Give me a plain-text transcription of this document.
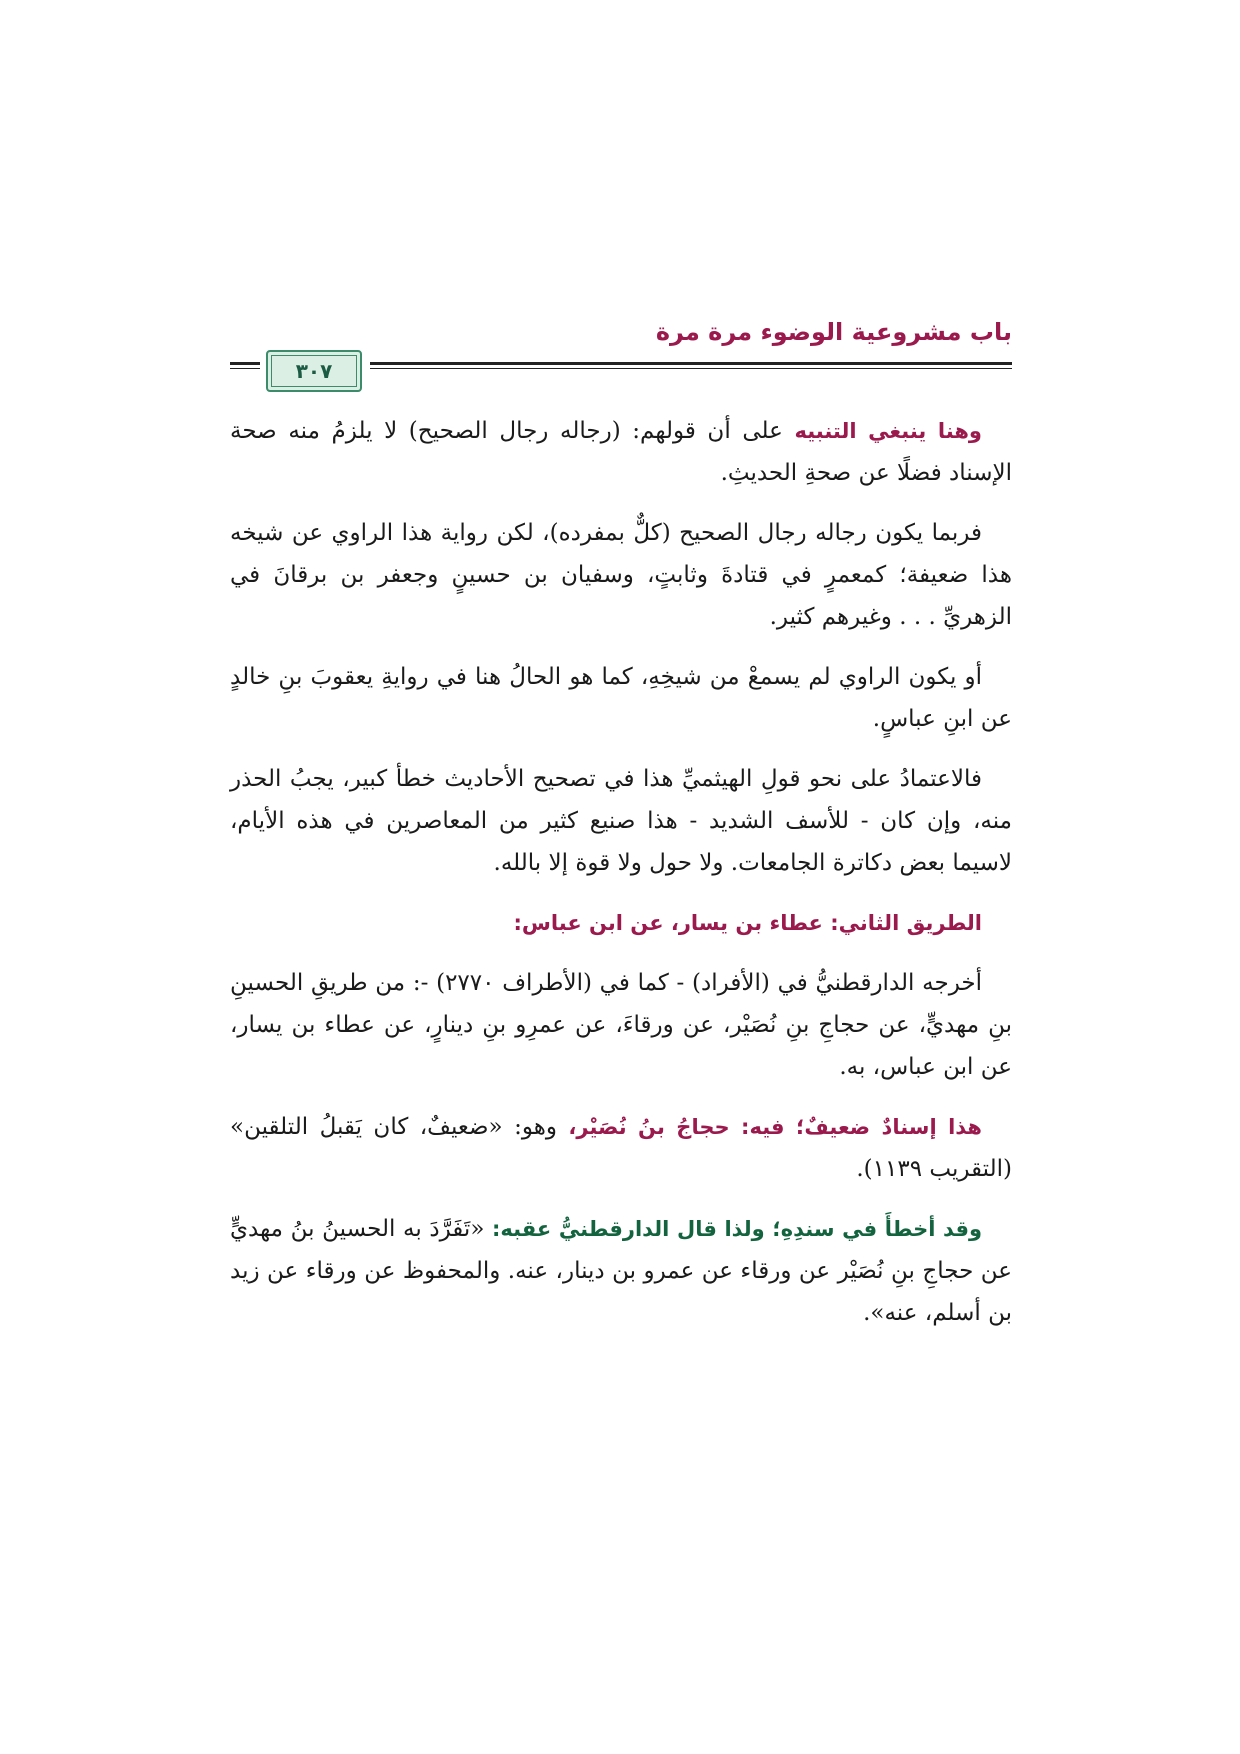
باب مشروعية الوضوء مرة مرة
٣٠٧

وهنا ينبغي التنبيه على أن قولهم: (رجاله رجال الصحيح) لا يلزمُ منه صحة الإسناد فضلًا عن صحةِ الحديثِ.

فربما يكون رجاله رجال الصحيح (كلٌّ بمفرده)، لكن رواية هذا الراوي عن شيخه هذا ضعيفة؛ كمعمرٍ في قتادةَ وثابتٍ، وسفيان بن حسينٍ وجعفر بن برقانَ في الزهريِّ . . . وغيرهم كثير.

أو يكون الراوي لم يسمعْ من شيخِهِ، كما هو الحالُ هنا في روايةِ يعقوبَ بنِ خالدٍ عن ابنِ عباسٍ.

فالاعتمادُ على نحو قولِ الهيثميِّ هذا في تصحيح الأحاديث خطأ كبير، يجبُ الحذر منه، وإن كان - للأسف الشديد - هذا صنيع كثير من المعاصرين في هذه الأيام، لاسيما بعض دكاترة الجامعات. ولا حول ولا قوة إلا بالله.

الطريق الثاني: عطاء بن يسار، عن ابن عباس:

أخرجه الدارقطنيُّ في (الأفراد) - كما في (الأطراف ٢٧٧٠) -: من طريقِ الحسينِ بنِ مهديٍّ، عن حجاجِ بنِ نُصَيْر، عن ورقاءَ، عن عمرِو بنِ دينارٍ، عن عطاء بن يسار، عن ابن عباس، به.

هذا إسنادٌ ضعيفٌ؛ فيه: حجاجُ بنُ نُصَيْر، وهو: «ضعيفٌ، كان يَقبلُ التلقين» (التقريب ١١٣٩).

وقد أخطأَ في سندِهِ؛ ولذا قال الدارقطنيُّ عقبه: «تَفَرَّدَ به الحسينُ بنُ مهديٍّ عن حجاجِ بنِ نُصَيْر عن ورقاء عن عمرو بن دينار، عنه. والمحفوظ عن ورقاء عن زيد بن أسلم، عنه».
